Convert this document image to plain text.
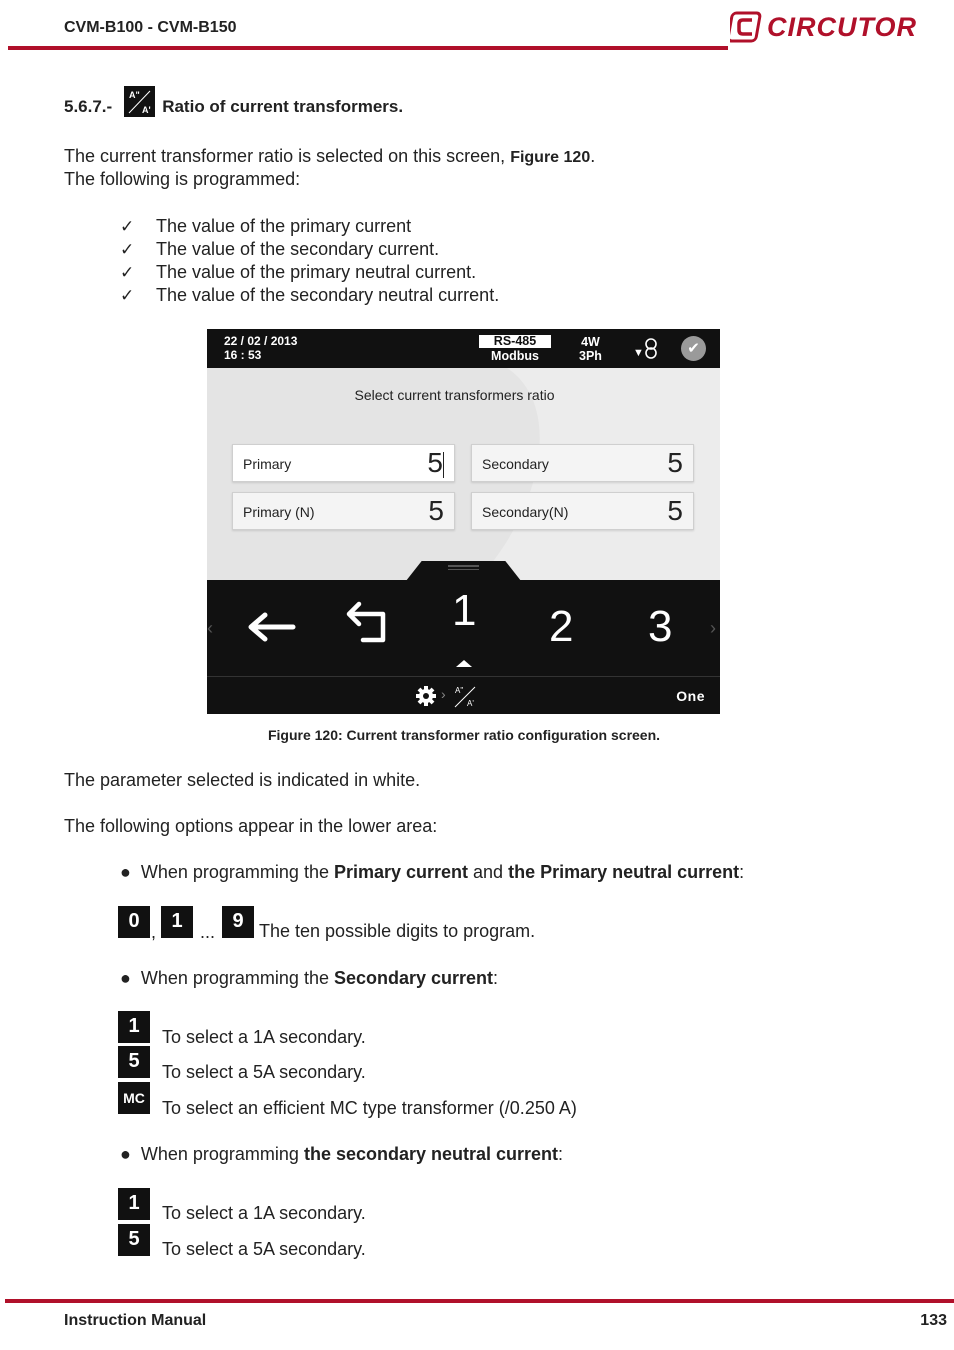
CVM-B100 - CVM-B150	CIRCUTOR
5.6.7.-
A"
A' Ratio of current transformers.
The current transformer ratio is selected on this screen, Figure 120.
The following is programmed:
✓	The value of the primary current
✓	The value of the secondary current.
✓	The value of the primary neutral current.
✓	The value of the secondary neutral current.
22 / 02 / 2013
16 : 53
RS-485
Modbus
4W
3Ph	▼	✔
Select current transformers ratio
Primary	5	Secondary	5
Primary (N)	5	Secondary(N)	5
‹	1 2 3 ›
› A"
A'	One
Figure 120: Current transformer ratio configuration screen.
The parameter selected is indicated in white.
The following options appear in the lower area:
●  When programming the Primary current and the Primary neutral current:
0 , 1 ... 9 The ten possible digits to program.
●  When programming the Secondary current:
1	To select a 1A secondary.
5	To select a 5A secondary.
MC To select an efficient MC type transformer (/0.250 A)
●  When programming the secondary neutral current:
1	To select a 1A secondary.
5	To select a 5A secondary.
Instruction Manual	133
